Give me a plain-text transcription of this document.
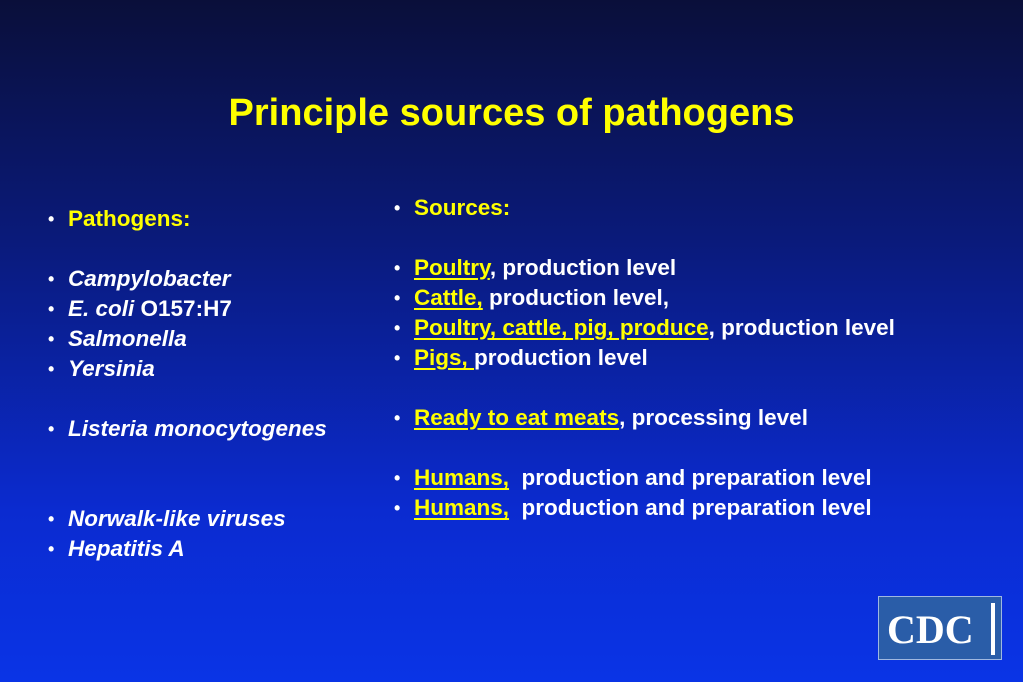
Principle sources of pathogens
• Pathogens:
• Campylobacter
• E. coli O157:H7
• Salmonella
• Yersinia
• Listeria monocytogenes
• Norwalk-like viruses
• Hepatitis A
• Sources:
• Poultry, production level
• Cattle, production level,
• Poultry, cattle, pig, produce, production level
• Pigs, production level
• Ready to eat meats, processing level
• Humans,  production and preparation level
• Humans,  production and preparation level
CDC
